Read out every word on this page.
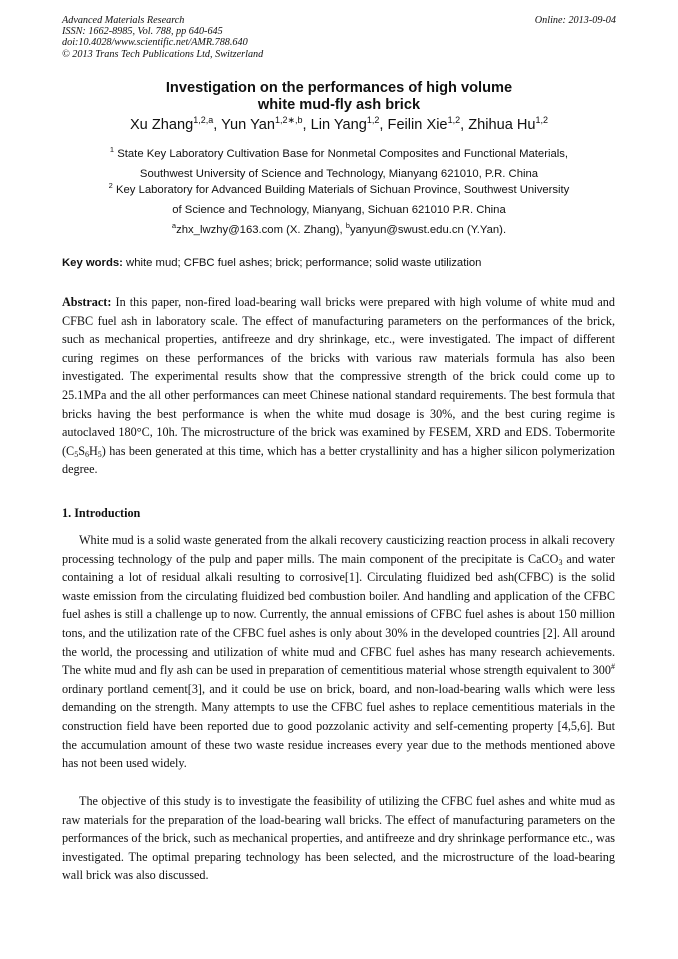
Advanced Materials Research
ISSN: 1662-8985, Vol. 788, pp 640-645
doi:10.4028/www.scientific.net/AMR.788.640
© 2013 Trans Tech Publications Ltd, Switzerland
Online: 2013-09-04
Investigation on the performances of high volume
white mud-fly ash brick
Xu Zhang$^{1,2,a}$, Yun Yan$^{1,2∗,b}$, Lin Yang$^{1,2}$, Feilin Xie$^{1,2}$, Zhihua Hu$^{1,2}$
$^1$ State Key Laboratory Cultivation Base for Nonmetal Composites and Functional Materials,
Southwest University of Science and Technology, Mianyang 621010, P.R. China
$^2$ Key Laboratory for Advanced Building Materials of Sichuan Province, Southwest University
of Science and Technology, Mianyang, Sichuan 621010 P.R. China
$^a$zhx_lwzhy@163.com (X. Zhang), $^b$yanyun@swust.edu.cn (Y.Yan).
Key words: white mud; CFBC fuel ashes; brick; performance; solid waste utilization
Abstract: In this paper, non-fired load-bearing wall bricks were prepared with high volume of white mud and CFBC fuel ash in laboratory scale. The effect of manufacturing parameters on the performances of the brick, such as mechanical properties, antifreeze and dry shrinkage, etc., were investigated. The impact of different curing regimes on these performances of the bricks with various raw materials formula has also been investigated. The experimental results show that the compressive strength of the brick could come up to 25.1MPa and the all other performances can meet Chinese national standard requirements. The best formula that bricks having the best performance is when the white mud dosage is 30%, and the best curing regime is autoclaved 180°C, 10h. The microstructure of the brick was examined by FESEM, XRD and EDS. Tobermorite $(C_5S_6H_5)$ has been generated at this time, which has a better crystallinity and has a higher silicon polymerization degree.
1. Introduction
White mud is a solid waste generated from the alkali recovery causticizing reaction process in alkali recovery processing technology of the pulp and paper mills. The main component of the precipitate is CaCO$_3$ and water containing a lot of residual alkali resulting to corrosive[1]. Circulating fluidized bed ash(CFBC) is the solid waste emission from the circulating fluidized bed combustion boiler. And handling and application of the CFBC fuel ashes is still a challenge up to now. Currently, the annual emissions of CFBC fuel ashes is about 150 million tons, and the utilization rate of the CFBC fuel ashes is only about 30% in the developed countries [2]. All around the world, the processing and utilization of white mud and CFBC fuel ashes has many research achievements. The white mud and fly ash can be used in preparation of cementitious material whose strength equivalent to 300# ordinary portland cement[3], and it could be use on brick, board, and non-load-bearing walls which were less demanding on the strength. Many attempts to use the CFBC fuel ashes to replace cementitious materials in the construction field have been reported due to good pozzolanic activity and self-cementing property [4,5,6]. But the accumulation amount of these two waste residue increases every year due to the methods mentioned above has not been used widely.
The objective of this study is to investigate the feasibility of utilizing the CFBC fuel ashes and white mud as raw materials for the preparation of the load-bearing wall bricks. The effect of manufacturing parameters on the performances of the brick, such as mechanical properties, and antifreeze and dry shrinkage performance etc., was investigated. The optimal preparing technology has been selected, and the microstructure of the load-bearing wall brick was also discussed.
